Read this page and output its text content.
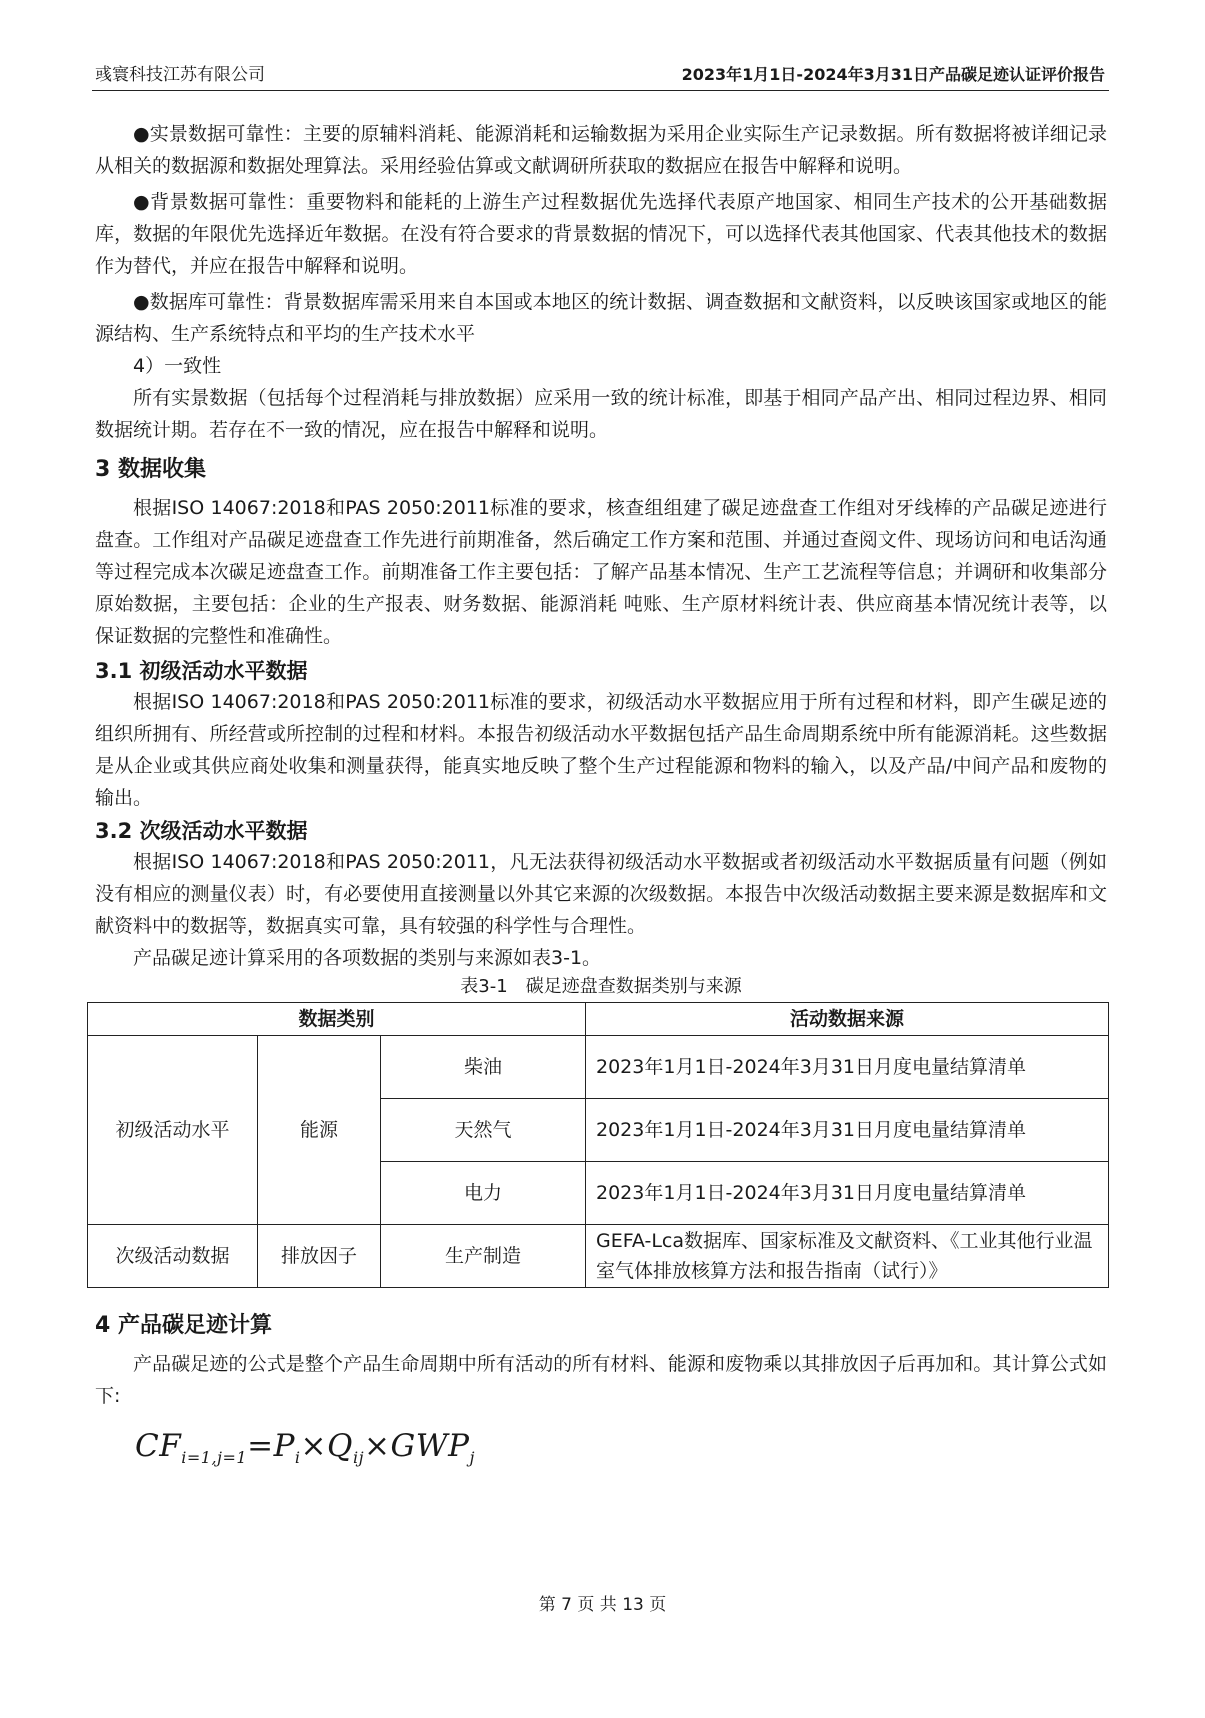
彧寰科技江苏有限公司	2023年1月1日-2024年3月31日产品碳足迹认证评价报告

●实景数据可靠性：主要的原辅料消耗、能源消耗和运输数据为采用企业实际生产记录数据。所有数据将被详细记录从相关的数据源和数据处理算法。采用经验估算或文献调研所获取的数据应在报告中解释和说明。

●背景数据可靠性：重要物料和能耗的上游生产过程数据优先选择代表原产地国家、相同生产技术的公开基础数据库，数据的年限优先选择近年数据。在没有符合要求的背景数据的情况下，可以选择代表其他国家、代表其他技术的数据作为替代，并应在报告中解释和说明。

●数据库可靠性：背景数据库需采用来自本国或本地区的统计数据、调查数据和文献资料，以反映该国家或地区的能源结构、生产系统特点和平均的生产技术水平

4）一致性

所有实景数据（包括每个过程消耗与排放数据）应采用一致的统计标准，即基于相同产品产出、相同过程边界、相同数据统计期。若存在不一致的情况，应在报告中解释和说明。

3 数据收集

根据ISO 14067:2018和PAS 2050:2011标准的要求，核查组组建了碳足迹盘查工作组对牙线棒的产品碳足迹进行盘查。工作组对产品碳足迹盘查工作先进行前期准备，然后确定工作方案和范围、并通过查阅文件、现场访问和电话沟通等过程完成本次碳足迹盘查工作。前期准备工作主要包括：了解产品基本情况、生产工艺流程等信息；并调研和收集部分原始数据，主要包括：企业的生产报表、财务数据、能源消耗 吨账、生产原材料统计表、供应商基本情况统计表等，以保证数据的完整性和准确性。

3.1 初级活动水平数据

根据ISO 14067:2018和PAS 2050:2011标准的要求，初级活动水平数据应用于所有过程和材料，即产生碳足迹的组织所拥有、所经营或所控制的过程和材料。本报告初级活动水平数据包括产品生命周期系统中所有能源消耗。这些数据是从企业或其供应商处收集和测量获得，能真实地反映了整个生产过程能源和物料的输入，以及产品/中间产品和废物的输出。

3.2 次级活动水平数据

根据ISO 14067:2018和PAS 2050:2011，凡无法获得初级活动水平数据或者初级活动水平数据质量有问题（例如没有相应的测量仪表）时，有必要使用直接测量以外其它来源的次级数据。本报告中次级活动数据主要来源是数据库和文献资料中的数据等，数据真实可靠，具有较强的科学性与合理性。

产品碳足迹计算采用的各项数据的类别与来源如表3-1。

表3-1　碳足迹盘查数据类别与来源
数据类别			活动数据来源
初级活动水平	能源	柴油	2023年1月1日-2024年3月31日月度电量结算清单
		天然气	2023年1月1日-2024年3月31日月度电量结算清单
		电力	2023年1月1日-2024年3月31日月度电量结算清单
次级活动数据	排放因子	生产制造	GEFA-Lca数据库、国家标准及文献资料、《工业其他行业温室气体排放核算方法和报告指南（试行）》
4 产品碳足迹计算

产品碳足迹的公式是整个产品生命周期中所有活动的所有材料、能源和废物乘以其排放因子后再加和。其计算公式如下:

$CF_{i=1,j=1}=P_i\times Q_{ij}\times GWP_j$
第 7 页 共 13 页
